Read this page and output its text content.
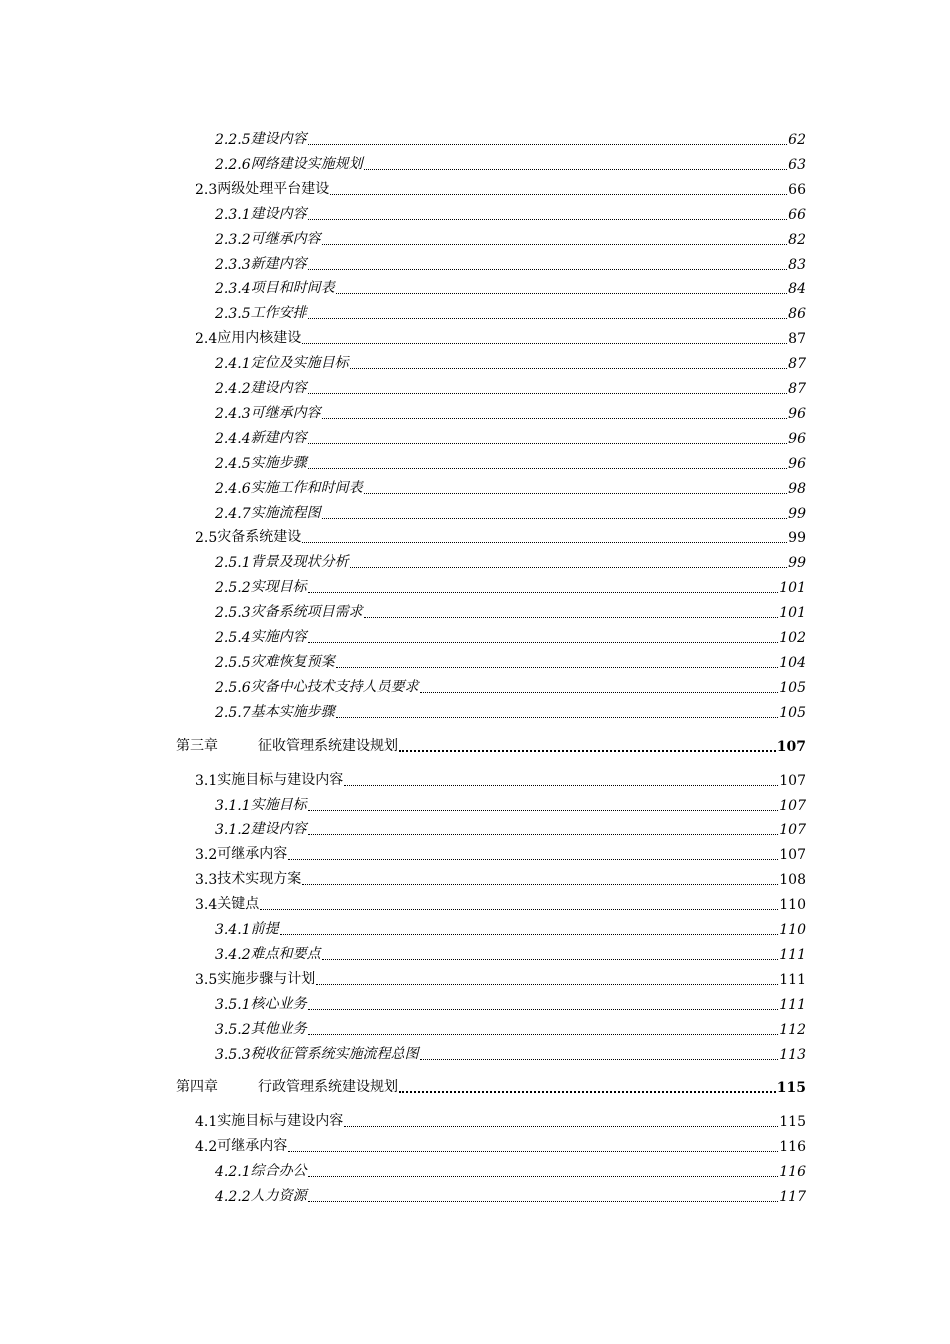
2.2.5 建设内容	62
2.2.6 网络建设实施规划	63
2.3 两级处理平台建设	66
2.3.1 建设内容	66
2.3.2 可继承内容	82
2.3.3 新建内容	83
2.3.4 项目和时间表	84
2.3.5 工作安排	86
2.4 应用内核建设	87
2.4.1 定位及实施目标	87
2.4.2 建设内容	87
2.4.3 可继承内容	96
2.4.4 新建内容	96
2.4.5 实施步骤	96
2.4.6 实施工作和时间表	98
2.4.7 实施流程图	99
2.5 灾备系统建设	99
2.5.1 背景及现状分析	99
2.5.2 实现目标	101
2.5.3 灾备系统项目需求	101
2.5.4 实施内容	102
2.5.5 灾难恢复预案	104
2.5.6 灾备中心技术支持人员要求	105
2.5.7 基本实施步骤	105
第三章	征收管理系统建设规划	107
3.1 实施目标与建设内容	107
3.1.1 实施目标	107
3.1.2 建设内容	107
3.2 可继承内容	107
3.3 技术实现方案	108
3.4 关键点	110
3.4.1 前提	110
3.4.2 难点和要点	111
3.5 实施步骤与计划	111
3.5.1 核心业务	111
3.5.2 其他业务	112
3.5.3 税收征管系统实施流程总图	113
第四章	行政管理系统建设规划	115
4.1 实施目标与建设内容	115
4.2 可继承内容	116
4.2.1 综合办公	116
4.2.2 人力资源	117
